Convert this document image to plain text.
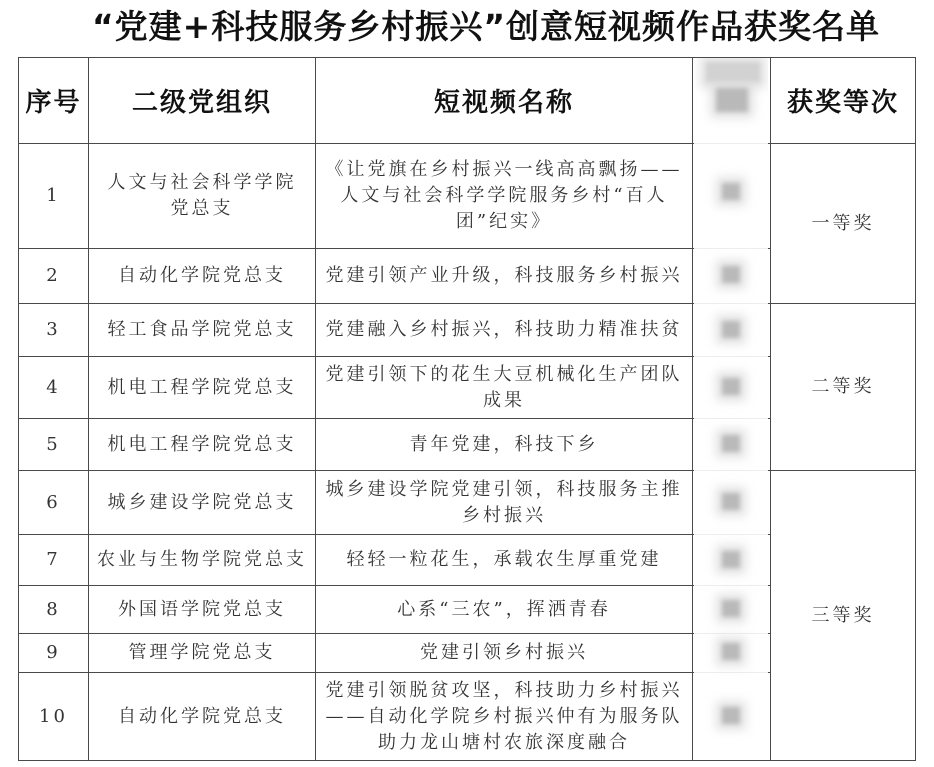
“党建+科技服务乡村振兴”创意短视频作品获奖名单
序号	二级党组织	短视频名称		获奖等次
1	人文与社会科学学院党总支	《让党旗在乡村振兴一线高高飘扬——人文与社会科学学院服务乡村“百人团”纪实》		一等奖
2	自动化学院党总支	党建引领产业升级，科技服务乡村振兴		
3	轻工食品学院党总支	党建融入乡村振兴，科技助力精准扶贫		二等奖
4	机电工程学院党总支	党建引领下的花生大豆机械化生产团队成果		
5	机电工程学院党总支	青年党建，科技下乡		
6	城乡建设学院党总支	城乡建设学院党建引领，科技服务主推乡村振兴		三等奖
7	农业与生物学院党总支	轻轻一粒花生，承载农生厚重党建		
8	外国语学院党总支	心系“三农”，挥洒青春		
9	管理学院党总支	党建引领乡村振兴		
10	自动化学院党总支	党建引领脱贫攻坚，科技助力乡村振兴——自动化学院乡村振兴仲有为服务队助力龙山塘村农旅深度融合		
